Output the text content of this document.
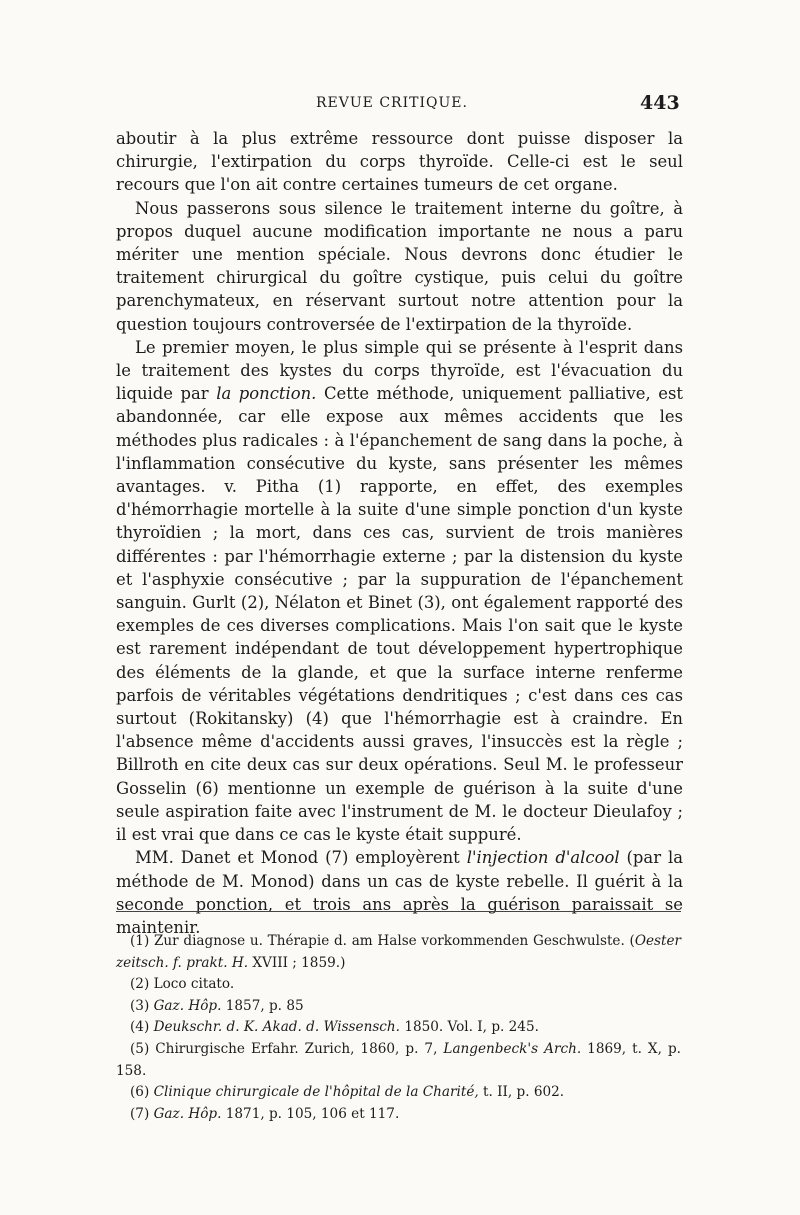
REVUE CRITIQUE.	443

aboutir à la plus extrême ressource dont puisse disposer la chirurgie, l'extirpation du corps thyroïde. Celle-ci est le seul recours que l'on ait contre certaines tumeurs de cet organe.

Nous passerons sous silence le traitement interne du goître, à propos duquel aucune modification importante ne nous a paru mériter une mention spéciale. Nous devrons donc étudier le traitement chirurgical du goître cystique, puis celui du goître parenchymateux, en réservant surtout notre attention pour la question toujours controversée de l'extirpation de la thyroïde.

Le premier moyen, le plus simple qui se présente à l'esprit dans le traitement des kystes du corps thyroïde, est l'évacuation du liquide par la ponction. Cette méthode, uniquement palliative, est abandonnée, car elle expose aux mêmes accidents que les méthodes plus radicales : à l'épanchement de sang dans la poche, à l'inflammation consécutive du kyste, sans présenter les mêmes avantages. v. Pitha (1) rapporte, en effet, des exemples d'hémorrhagie mortelle à la suite d'une simple ponction d'un kyste thyroïdien ; la mort, dans ces cas, survient de trois manières différentes : par l'hémorrhagie externe ; par la distension du kyste et l'asphyxie consécutive ; par la suppuration de l'épanchement sanguin. Gurlt (2), Nélaton et Binet (3), ont également rapporté des exemples de ces diverses complications. Mais l'on sait que le kyste est rarement indépendant de tout développement hypertrophique des éléments de la glande, et que la surface interne renferme parfois de véritables végétations dendritiques ; c'est dans ces cas surtout (Rokitansky) (4) que l'hémorrhagie est à craindre. En l'absence même d'accidents aussi graves, l'insuccès est la règle ; Billroth en cite deux cas sur deux opérations. Seul M. le professeur Gosselin (6) mentionne un exemple de guérison à la suite d'une seule aspiration faite avec l'instrument de M. le docteur Dieulafoy ; il est vrai que dans ce cas le kyste était suppuré.

MM. Danet et Monod (7) employèrent l'injection d'alcool (par la méthode de M. Monod) dans un cas de kyste rebelle. Il guérit à la seconde ponction, et trois ans après la guérison paraissait se maintenir.

(1) Zur diagnose u. Thérapie d. am Halse vorkommenden Geschwulste. (Oester zeitsch. f. prakt. H. XVIII ; 1859.)

(2) Loco citato.

(3) Gaz. Hôp. 1857, p. 85

(4) Deukschr. d. K. Akad. d. Wissensch. 1850. Vol. I, p. 245.

(5) Chirurgische Erfahr. Zurich, 1860, p. 7, Langenbeck's Arch. 1869, t. X, p. 158.

(6) Clinique chirurgicale de l'hôpital de la Charité, t. II, p. 602.

(7) Gaz. Hôp. 1871, p. 105, 106 et 117.
